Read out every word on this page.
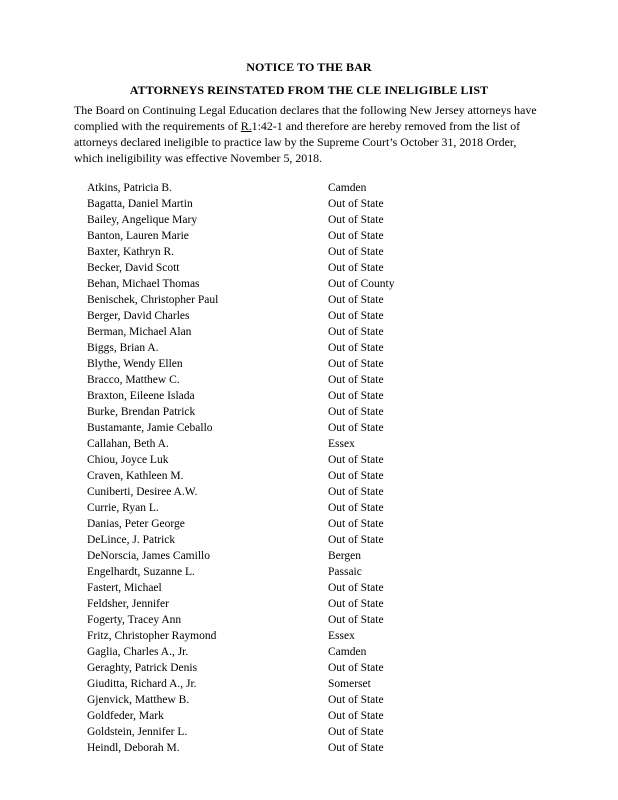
NOTICE TO THE BAR
ATTORNEYS REINSTATED FROM THE CLE INELIGIBLE LIST
The Board on Continuing Legal Education declares that the following New Jersey attorneys have complied with the requirements of R.1:42-1 and therefore are hereby removed from the list of attorneys declared ineligible to practice law by the Supreme Court’s October 31, 2018 Order, which ineligibility was effective November 5, 2018.
Atkins, Patricia B.	Camden
Bagatta, Daniel Martin	Out of State
Bailey, Angelique Mary	Out of State
Banton, Lauren Marie	Out of State
Baxter, Kathryn R.	Out of State
Becker, David Scott	Out of State
Behan, Michael Thomas	Out of County
Benischek, Christopher Paul	Out of State
Berger, David Charles	Out of State
Berman, Michael Alan	Out of State
Biggs, Brian A.	Out of State
Blythe, Wendy Ellen	Out of State
Bracco, Matthew C.	Out of State
Braxton, Eileene Islada	Out of State
Burke, Brendan Patrick	Out of State
Bustamante, Jamie Ceballo	Out of State
Callahan, Beth A.	Essex
Chiou, Joyce Luk	Out of State
Craven, Kathleen M.	Out of State
Cuniberti, Desiree A.W.	Out of State
Currie, Ryan L.	Out of State
Danias, Peter George	Out of State
DeLince, J. Patrick	Out of State
DeNorscia, James Camillo	Bergen
Engelhardt, Suzanne L.	Passaic
Fastert, Michael	Out of State
Feldsher, Jennifer	Out of State
Fogerty, Tracey Ann	Out of State
Fritz, Christopher Raymond	Essex
Gaglia, Charles A., Jr.	Camden
Geraghty, Patrick Denis	Out of State
Giuditta, Richard A., Jr.	Somerset
Gjenvick, Matthew B.	Out of State
Goldfeder, Mark	Out of State
Goldstein, Jennifer L.	Out of State
Heindl, Deborah M.	Out of State
